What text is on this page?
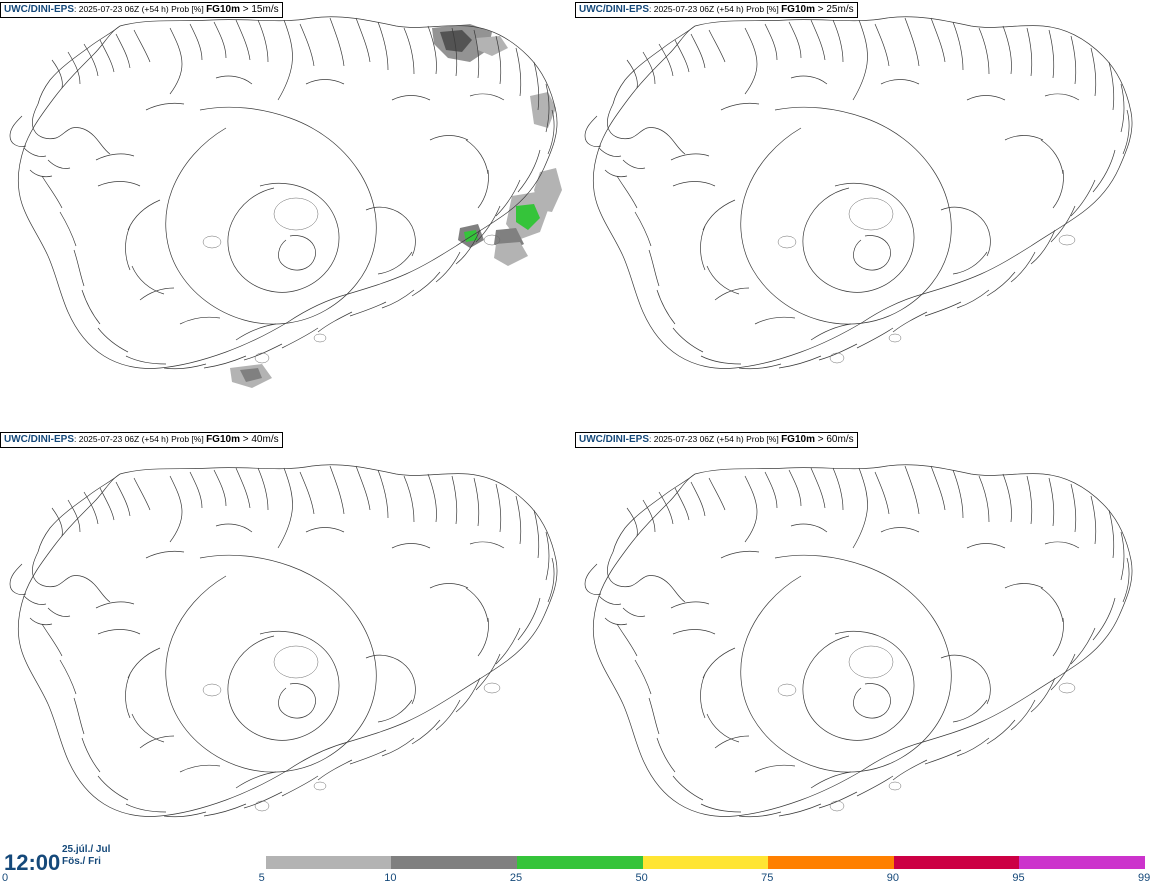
UWC/DINI-EPS: 2025-07-23 06Z (+54 h) Prob [%] FG10m > 15m/s	UWC/DINI-EPS: 2025-07-23 06Z (+54 h) Prob [%] FG10m > 25m/s
UWC/DINI-EPS: 2025-07-23 06Z (+54 h) Prob [%] FG10m > 40m/s	UWC/DINI-EPS: 2025-07-23 06Z (+54 h) Prob [%] FG10m > 60m/s
12:00
25.júl./ Jul
Fös./ Fri
0	5	10	25	50	75	90	95	99
